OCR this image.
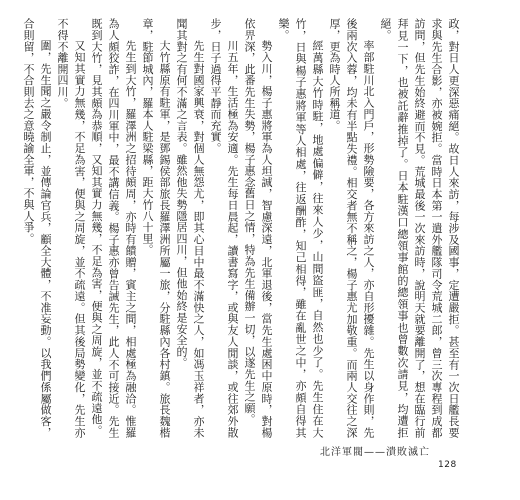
政，對日人更深惡痛絕。故日人來訪，每涉及國事，定遭嚴拒。甚至有一次日艦長要求與先生合影，亦被婉拒。當時日本第一遣外艦隊司令荒城二郎，曾三次專程到成都訪問，但先生始終避而不見。荒城最後一次來訪時，說明天就要離開了，想在臨行前拜見一下，也被託辭推掉了。日本駐漢口總領事館的總領事也曾數次請見，均遭拒絕。

率部駐川北入門戶，形勢險要，各方來訪之人，亦自形擾雜。先生以身作則，先後兩次入蓉，均未有半點失禮。相交者無不稱之，楊子惠尤加敬重。而兩人交往之深厚，更為時人所稱道。

經萬縣大竹時駐，地處偏僻，往來人少，山間盜匪，自然也少了。先生住在大竹，日與楊子惠將軍等人相處，往返酬酢，知己相得，雖在亂世之中，亦頗自得其樂。

勢入川，楊子惠將軍為人坦誠，智慮深遠，北軍退後，當先生處困中原時，對楊依畀深，此番先生失勢，楊子惠念舊日之情，特為先生備辦一切，以遂先生之願。

川五年，生活極為安適。先生每日晨起，讀書寫字，或與友人閒談，或往郊外散步，日子過得平靜而充實。

先生對國家興衰，對個人無怨尤，即其心目中最不滿快之人，如馮玉祥者，亦未聞其對之有何不滿之言表。雖然他失勢隱居四川，但他始終是安全的。

大竹縣原有駐軍，是鄧錫侯部旅長羅澤洲所屬一旅，分駐縣內各村鎮。旅長魏楷章，駐節城內，羅本人駐梁縣，距大竹八十里。

先生到大竹，羅澤洲之招待頗周，亦時有饋贈，賓主之間，相處極為融洽。惟羅為人頗狡詐，在四川軍中，最不講信義。楊子惠亦曾告誡先生，此人不可接近。先生既到大竹，見其頗為恭順，又知其實力無幾，不足為害，便與之周旋，並不疏遠他。

又知其實力無幾，不足為害，便與之周旋，並不疏遠。但其後局勢變化，先生亦不得不離開四川。

圍，先生聞之嚴令制止，並傳論官兵，顧全大體，不准妄動。以我們係屬做客，合則留，不合則去之意曉諭全軍，不與人爭。

北洋軍閥——潰敗滅亡
128
